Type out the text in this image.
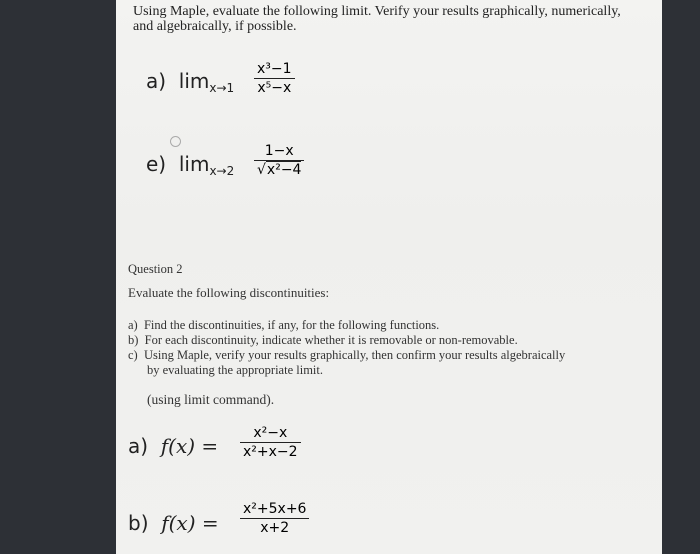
Using Maple, evaluate the following limit. Verify your results graphically, numerically,
and algebraically, if possible.
a) $\lim_{x\to 1} \frac{\text{x³−1}}{\text{x⁵−x}}$
e) $\lim_{x\to 2} \frac{1-x}{\text{√x²−4}}$
Question 2
Evaluate the following discontinuities:
a) Find the discontinuities, if any, for the following functions.
b) For each discontinuity, indicate whether it is removable or non-removable.
c) Using Maple, verify your results graphically, then confirm your results algebraically
by evaluating the appropriate limit.
(using limit command).
a) $f(x) = \frac{\text{x²−x}}{\text{x²+x−2}}$
b) $f(x) = \frac{\text{x²+5x+6}}{x+2}$
